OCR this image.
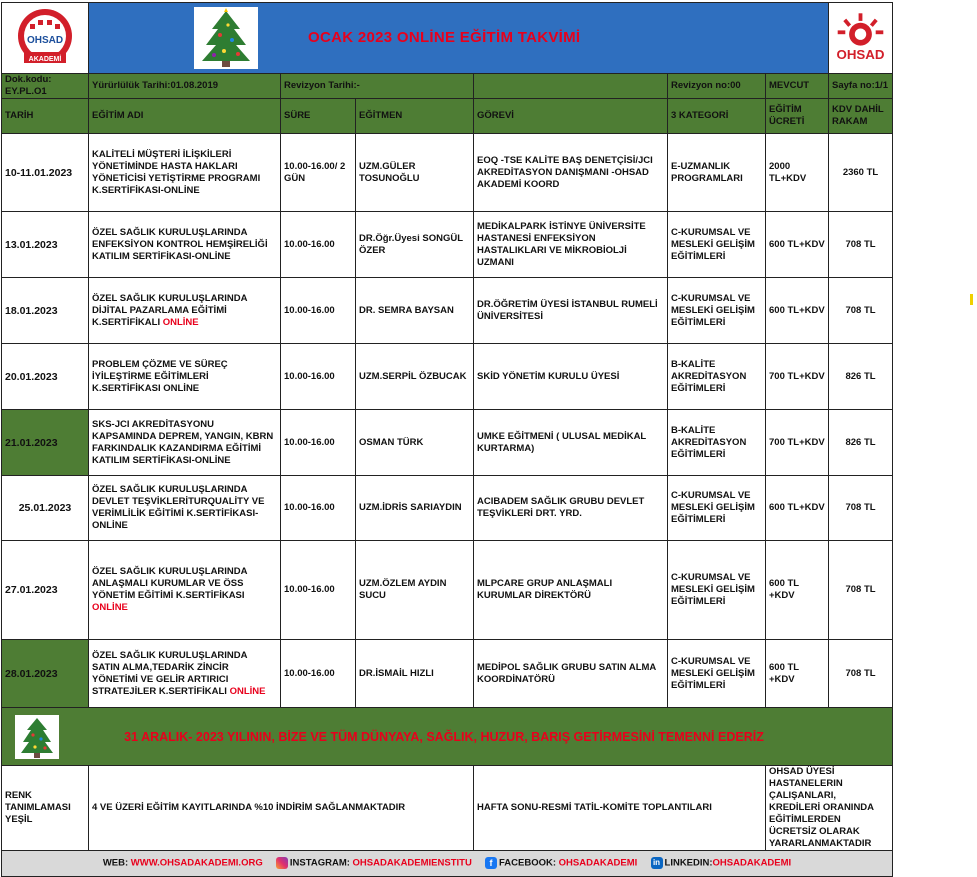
OHSAD
AKADEMİ	OCAK 2023 ONLİNE EĞİTİM TAKVİMİ						OHSAD

Dok.kodu: EY.PL.O1	Yürürlülük Tarihi:01.08.2019	Revizyon Tarihi:-			Revizyon no:00	MEVCUT	Sayfa no:1/1
TARİH	EĞİTİM ADI	SÜRE	EĞİTMEN	GÖREVİ	3 KATEGORİ	EĞİTİM ÜCRETİ	KDV DAHİL RAKAM
10-11.01.2023	KALİTELİ MÜŞTERİ İLİŞKİLERİ YÖNETİMİNDE HASTA HAKLARI YÖNETİCİSİ YETİŞTİRME PROGRAMI K.SERTİFİKASI-ONLİNE	10.00-16.00/ 2 GÜN	UZM.GÜLER TOSUNOĞLU	EOQ -TSE KALİTE BAŞ DENETÇİSİ/JCI AKREDİTASYON DANIŞMANI -OHSAD AKADEMİ KOORD	E-UZMANLIK PROGRAMLARI	2000 TL+KDV	2360 TL
13.01.2023	ÖZEL SAĞLIK KURULUŞLARINDA ENFEKSİYON KONTROL HEMŞİRELİĞİ KATILIM SERTİFİKASI-ONLİNE	10.00-16.00	DR.Öğr.Üyesi SONGÜL ÖZER	MEDİKALPARK İSTİNYE ÜNİVERSİTE HASTANESİ ENFEKSİYON HASTALIKLARI VE MİKROBİOLJİ UZMANI	C-KURUMSAL VE MESLEKİ GELİŞİM EĞİTİMLERİ	600 TL+KDV	708 TL
18.01.2023	ÖZEL SAĞLIK KURULUŞLARINDA DİJİTAL PAZARLAMA EĞİTİMİ K.SERTİFİKALI ONLİNE	10.00-16.00	DR. SEMRA BAYSAN	DR.ÖĞRETİM ÜYESİ İSTANBUL RUMELİ ÜNİVERSİTESİ	C-KURUMSAL VE MESLEKİ GELİŞİM EĞİTİMLERİ	600 TL+KDV	708 TL
20.01.2023	PROBLEM ÇÖZME VE SÜREÇ İYİLEŞTİRME EĞİTİMLERİ K.SERTİFİKASI ONLİNE	10.00-16.00	UZM.SERPİL ÖZBUCAK	SKİD YÖNETİM KURULU ÜYESİ	B-KALİTE AKREDİTASYON EĞİTİMLERİ	700 TL+KDV	826 TL
21.01.2023	SKS-JCI AKREDİTASYONU KAPSAMINDA DEPREM, YANGIN, KBRN FARKINDALIK KAZANDIRMA EĞİTİMİ KATILIM SERTİFİKASI-ONLİNE	10.00-16.00	OSMAN TÜRK	UMKE EĞİTMENİ ( ULUSAL MEDİKAL KURTARMA)	B-KALİTE AKREDİTASYON EĞİTİMLERİ	700 TL+KDV	826 TL
25.01.2023	ÖZEL SAĞLIK KURULUŞLARINDA DEVLET TEŞVİKLERİTURQUALİTY VE VERİMLİLİK EĞİTİMİ K.SERTİFİKASI-ONLİNE	10.00-16.00	UZM.İDRİS SARIAYDIN	ACIBADEM SAĞLIK GRUBU DEVLET TEŞVİKLERİ DRT. YRD.	C-KURUMSAL VE MESLEKİ GELİŞİM EĞİTİMLERİ	600 TL+KDV	708 TL
27.01.2023	ÖZEL SAĞLIK KURULUŞLARINDA ANLAŞMALI KURUMLAR VE ÖSS YÖNETİM EĞİTİMİ K.SERTİFİKASI ONLİNE	10.00-16.00	UZM.ÖZLEM AYDIN SUCU	MLPCARE GRUP ANLAŞMALI KURUMLAR DİREKTÖRÜ	C-KURUMSAL VE MESLEKİ GELİŞİM EĞİTİMLERİ	600 TL +KDV	708 TL
28.01.2023	ÖZEL SAĞLIK KURULUŞLARINDA SATIN ALMA,TEDARİK ZİNCİR YÖNETİMİ VE GELİR ARTIRICI STRATEJİLER K.SERTİFİKALI ONLİNE	10.00-16.00	DR.İSMAİL HIZLI	MEDİPOL SAĞLIK GRUBU SATIN ALMA KOORDİNATÖRÜ	C-KURUMSAL VE MESLEKİ GELİŞİM EĞİTİMLERİ	600 TL +KDV	708 TL

31 ARALIK- 2023 YILININ, BİZE VE TÜM DÜNYAYA, SAĞLIK, HUZUR, BARIŞ GETİRMESİNİ TEMENNİ EDERİZ							

RENK TANIMLAMASI YEŞİL	4 VE ÜZERİ EĞİTİM KAYITLARINDA %10 İNDİRİM SAĞLANMAKTADIR			HAFTA SONU-RESMİ TATİL-KOMİTE TOPLANTILARI		OHSAD ÜYESİ HASTANELERIN ÇALIŞANLARI, KREDİLERİ ORANINDA EĞİTİMLERDEN ÜCRETSİZ OLARAK YARARLANMAKTADIR	
WEB: WWW.OHSADAKADEMI.ORG INSTAGRAM: OHSADAKADEMIENSTITU f FACEBOOK: OHSADAKADEMI in LINKEDIN:OHSADAKADEMI							
